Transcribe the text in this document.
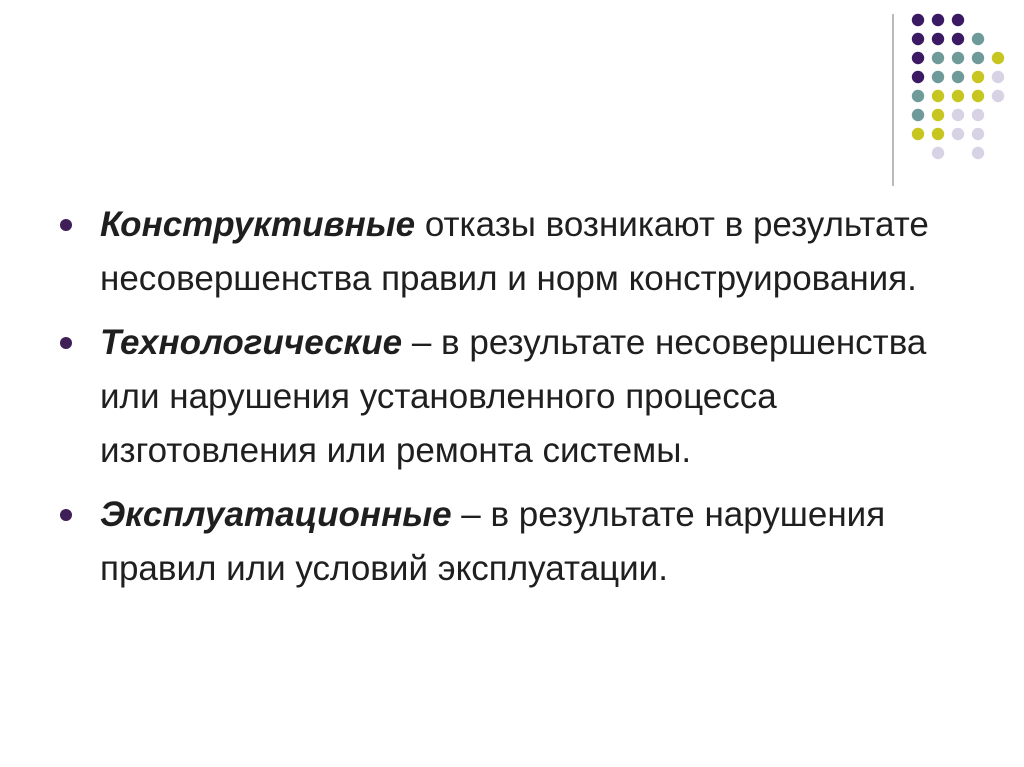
Конструктивные отказы возникают в результате несовершенства правил и норм конструирования.
Технологические – в результате несовершенства или нарушения установленного процесса изготовления или ремонта системы.
Эксплуатационные – в результате нарушения правил или условий эксплуатации.
